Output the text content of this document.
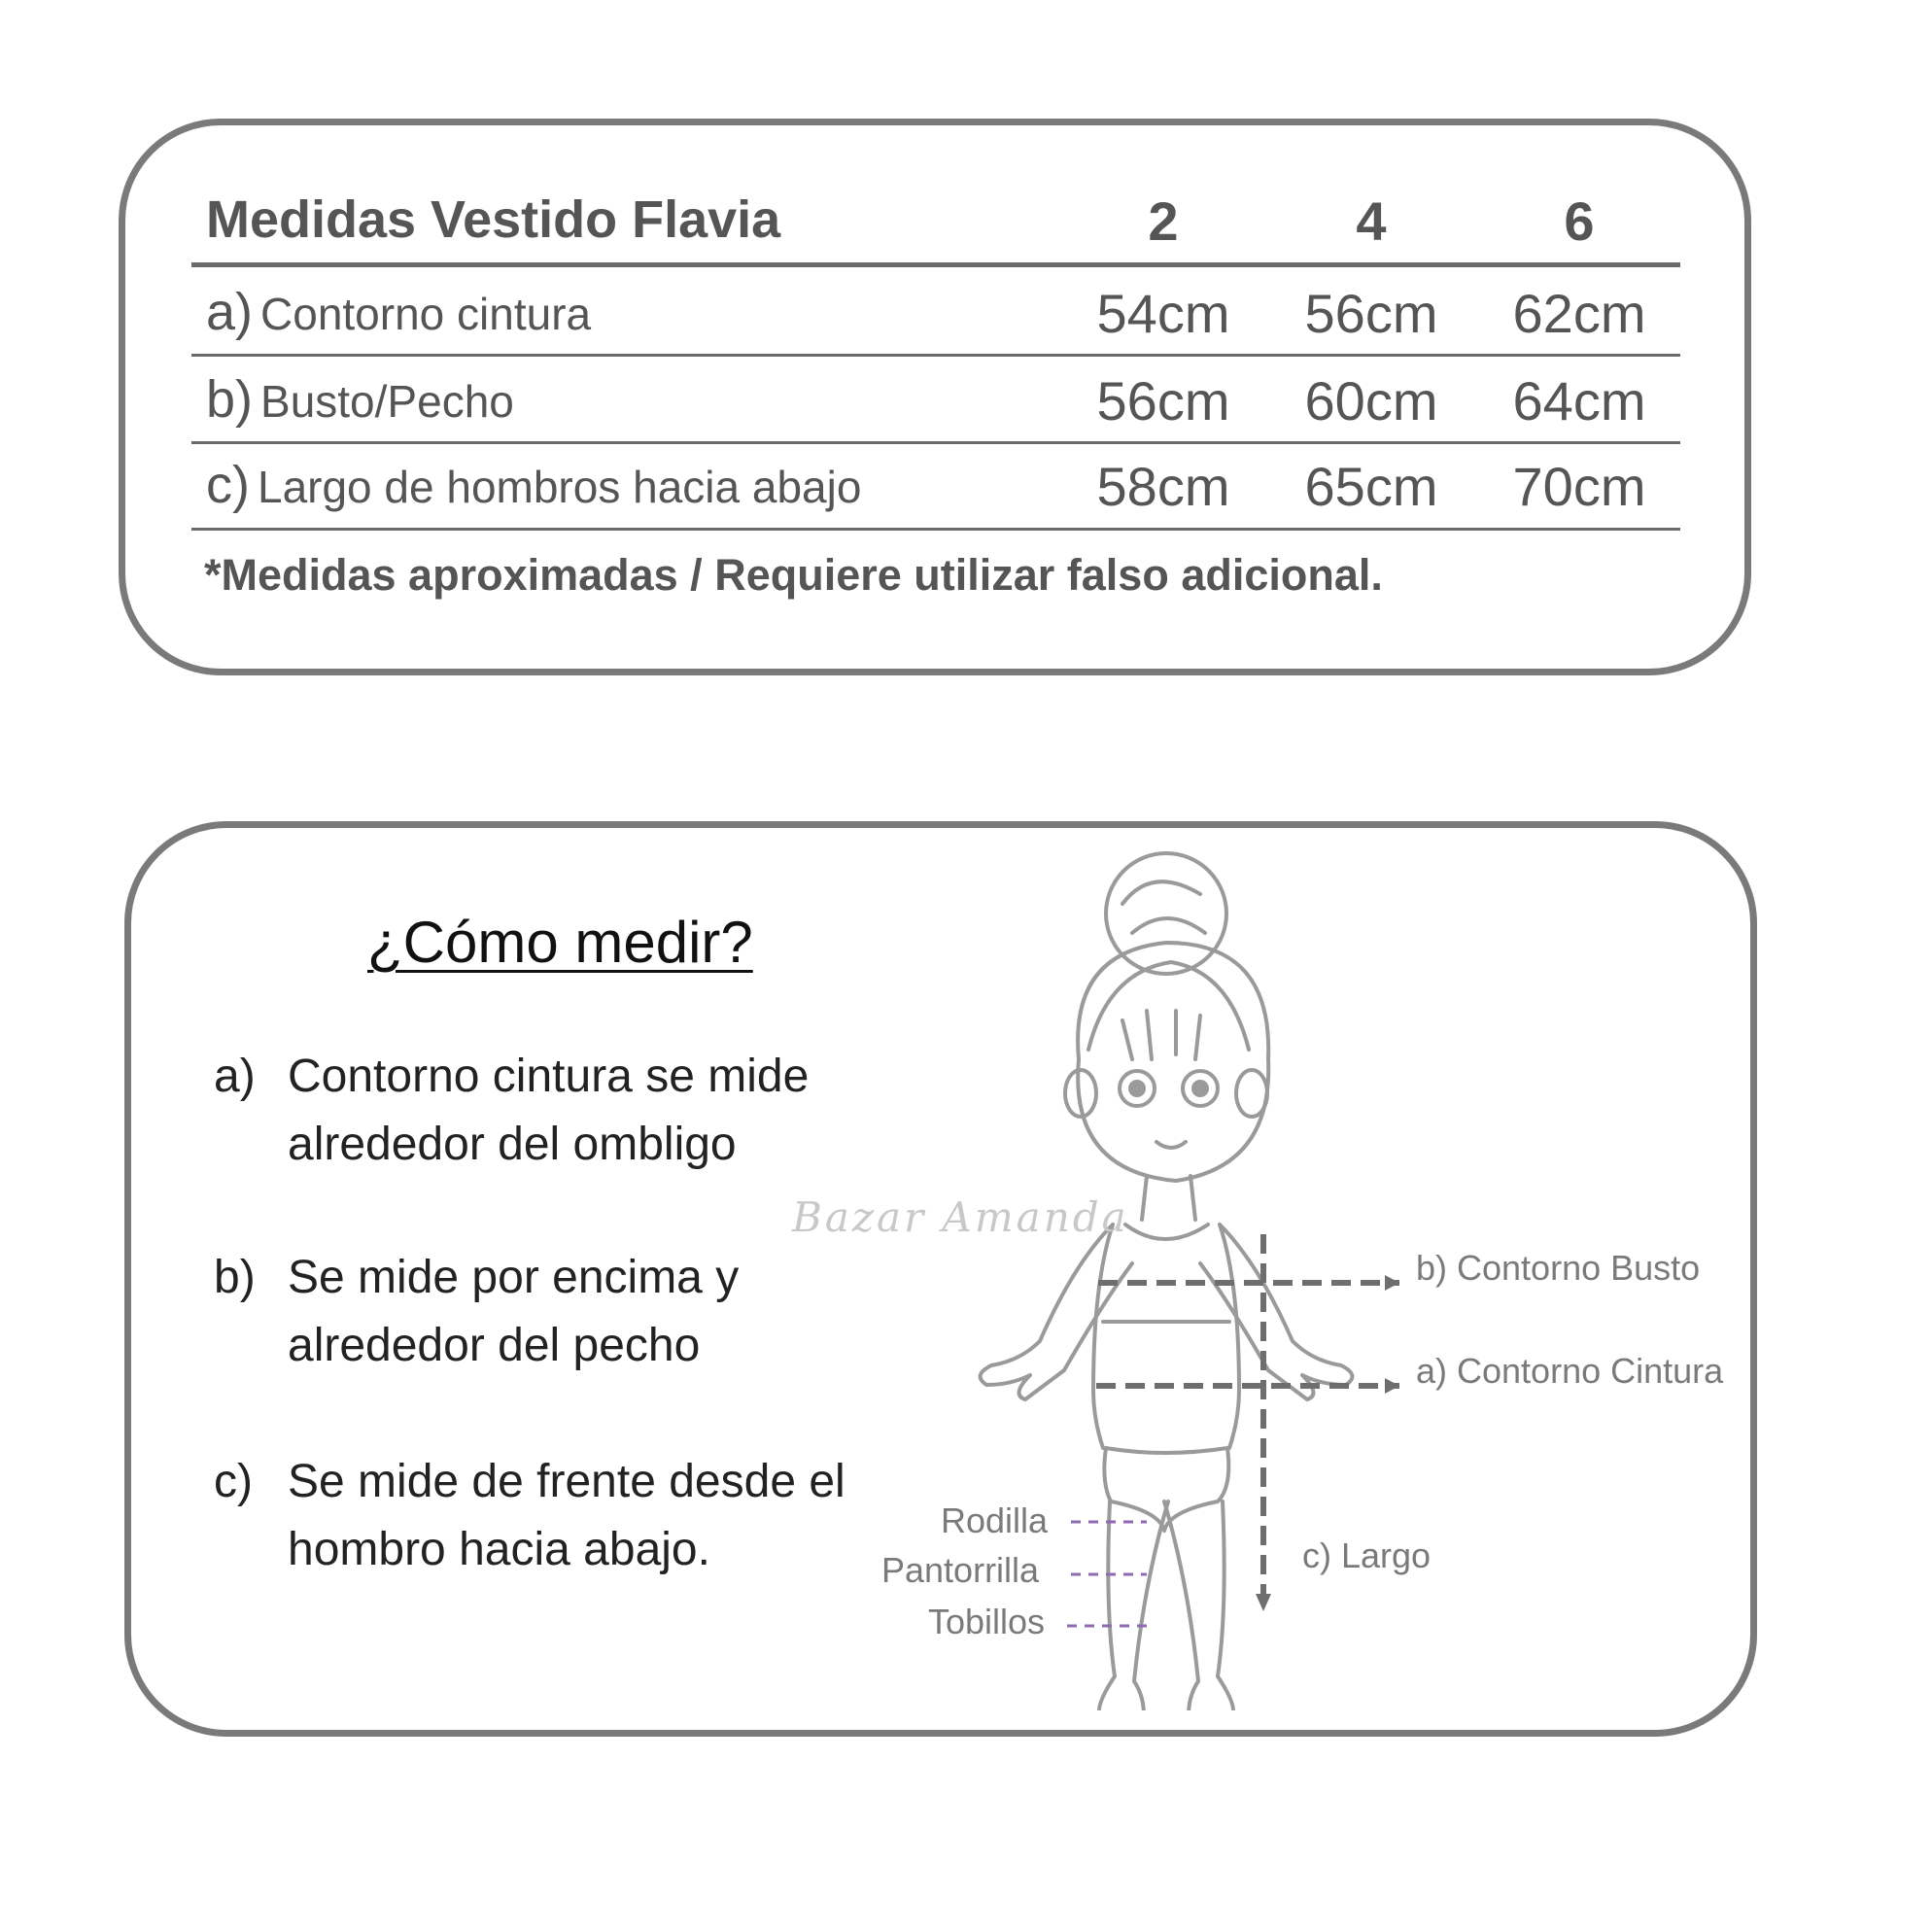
Medidas Vestido Flavia	2	4	6
a) Contorno cintura	54cm	56cm	62cm
b) Busto/Pecho	56cm	60cm	64cm
c) Largo de hombros hacia abajo	58cm	65cm	70cm
*Medidas aproximadas / Requiere utilizar falso adicional.
¿Cómo medir?
a) Contorno cintura se mide alrededor del ombligo
b) Se mide por encima y alrededor del pecho
c) Se mide de frente desde el hombro hacia abajo.
Bazar Amanda
b) Contorno Busto
a) Contorno Cintura
c) Largo
Rodilla
Pantorrilla
Tobillos
